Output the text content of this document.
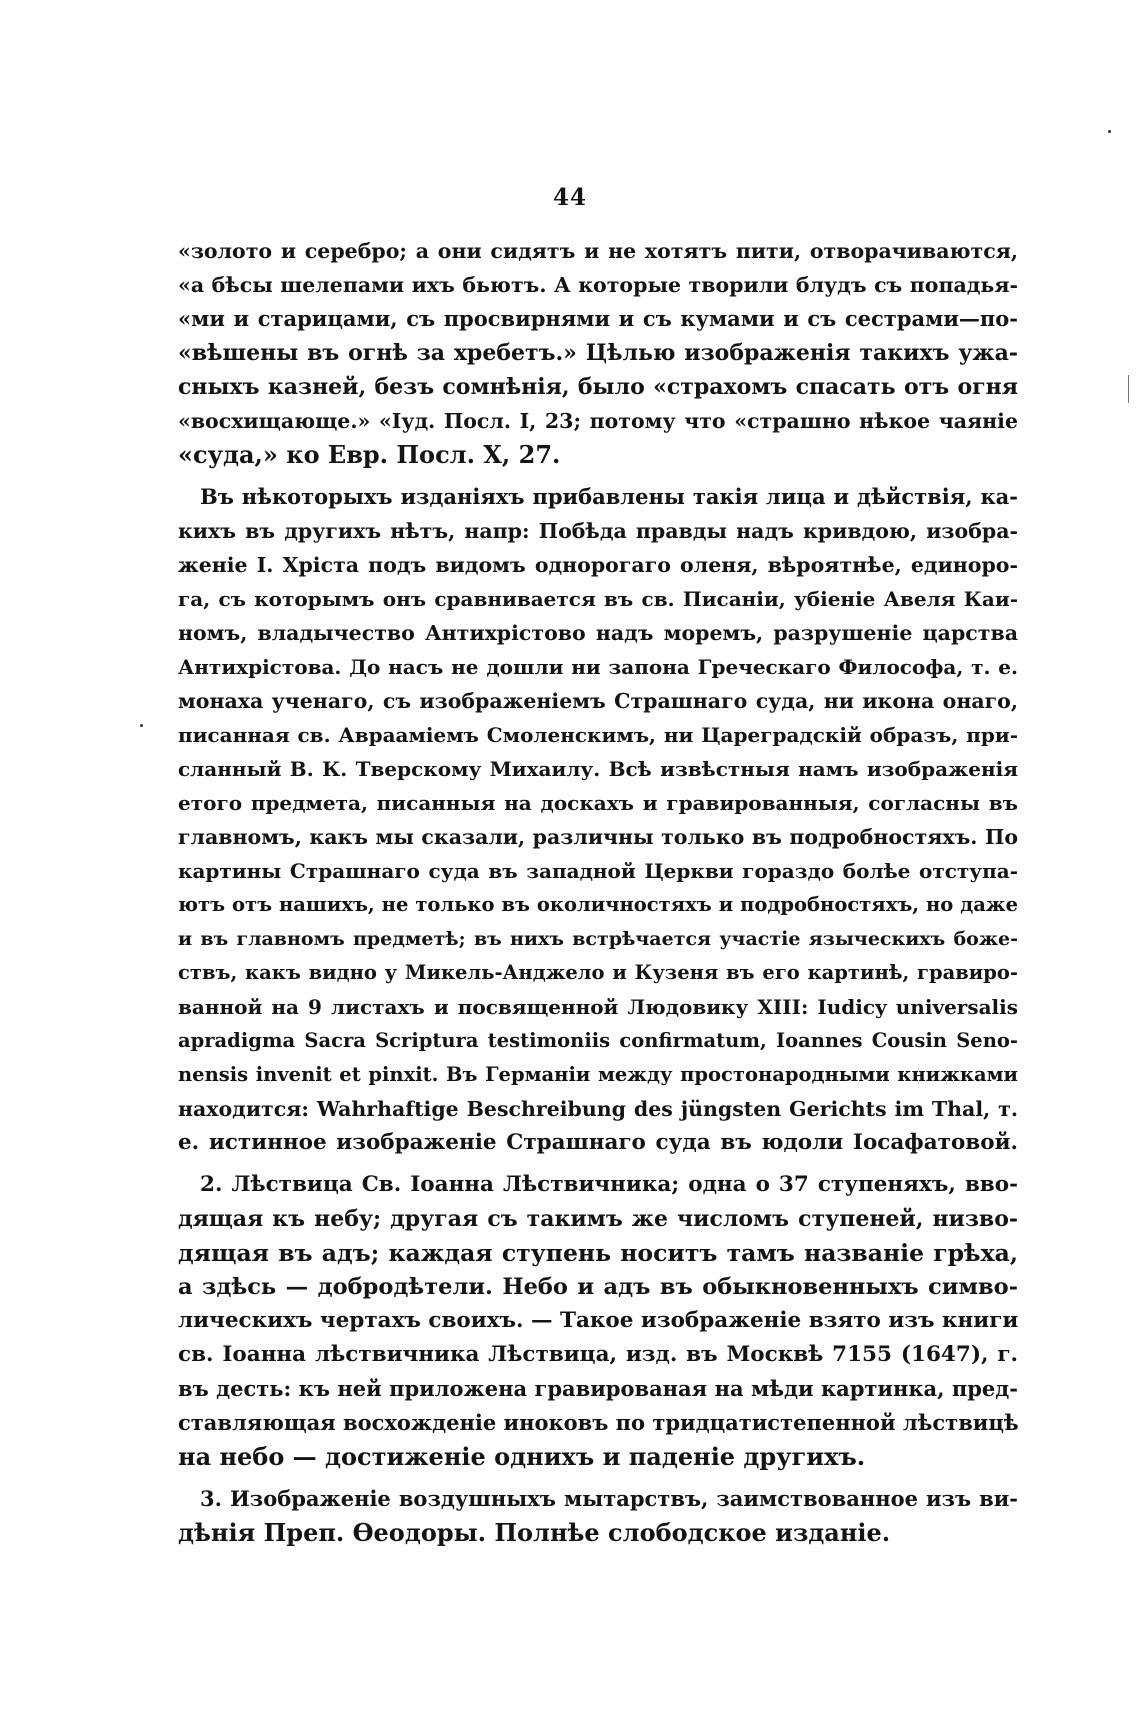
44
«золото и серебро; а они сидятъ и не хотятъ пити, отворачиваются,
«а бѣсы шелепами ихъ бьютъ. А которые творили блудъ съ попадья-
«ми и старицами, съ просвирнями и съ кумами и съ сестрами—по-
«вѣшены въ огнѣ за хребетъ.» Цѣлью изображенія такихъ ужа-
сныхъ казней, безъ сомнѣнія, было «страхомъ спасать отъ огня
«восхищающе.» «Іуд. Посл. I, 23; потому что «страшно нѣкое чаяніе
«суда,» ко Евр. Посл. X, 27.
Въ нѣкоторыхъ изданіяхъ прибавлены такія лица и дѣйствія, ка-
кихъ въ другихъ нѣтъ, напр: Побѣда правды надъ кривдою, изобра-
женіе I. Хріста подъ видомъ однорогаго оленя, вѣроятнѣе, единоро-
га, съ которымъ онъ сравнивается въ св. Писаніи, убіеніе Авеля Каи-
номъ, владычество Антихрістово надъ моремъ, разрушеніе царства
Антихрістова. До насъ не дошли ни запона Греческаго Философа, т. е.
монаха ученаго, съ изображеніемъ Страшнаго суда, ни икона онаго,
писанная св. Авраамiемъ Смоленскимъ, ни Цареградскій образъ, при-
сланный В. К. Тверскому Михаилу. Всѣ извѣстныя намъ изображенія
етого предмета, писанныя на доскахъ и гравированныя, согласны въ
главномъ, какъ мы сказали, различны только въ подробностяхъ. По
картины Страшнаго суда въ западной Церкви гораздо болѣе отступа-
ютъ отъ нашихъ, не только въ околичностяхъ и подробностяхъ, но даже
и въ главномъ предметѣ; въ нихъ встрѣчается участіе языческихъ боже-
ствъ, какъ видно у Микель-Анджело и Кузеня въ его картинѣ, гравиро-
ванной на 9 листахъ и посвященной Людовику XIII: Iudicy universalis
apradigma Sacra Scriptura testimoniis confirmatum, Ioannes Cousin Seno-
nensis invenit et pinxit. Въ Германіи между простонародными книжками
находится: Wahrhaftige Beschreibung des jüngsten Gerichts im Thal, т.
е. истинное изображеніе Страшнаго суда въ юдоли Іосафатовой.
2. Лѣствица Св. Іоанна Лѣствичника; одна о 37 ступеняхъ, вво-
дящая къ небу; другая съ такимъ же числомъ ступеней, низво-
дящая въ адъ; каждая ступень носитъ тамъ названіе грѣха,
а здѣсь — добродѣтели. Небо и адъ въ обыкновенныхъ симво-
лическихъ чертахъ своихъ. — Такое изображеніе взято изъ книги
св. Іоанна лѣствичника Лѣствица, изд. въ Москвѣ 7155 (1647), г.
въ десть: къ ней приложена гравированая на мѣди картинка, пред-
ставляющая восхожденіе иноковъ по тридцатистепенной лѣствицѣ
на небо — достиженіе однихъ и паденіе другихъ.
3. Изображеніе воздушныхъ мытарствъ, заимствованное изъ ви-
дѣнія Преп. Ѳеодоры. Полнѣе слободское изданіе.
